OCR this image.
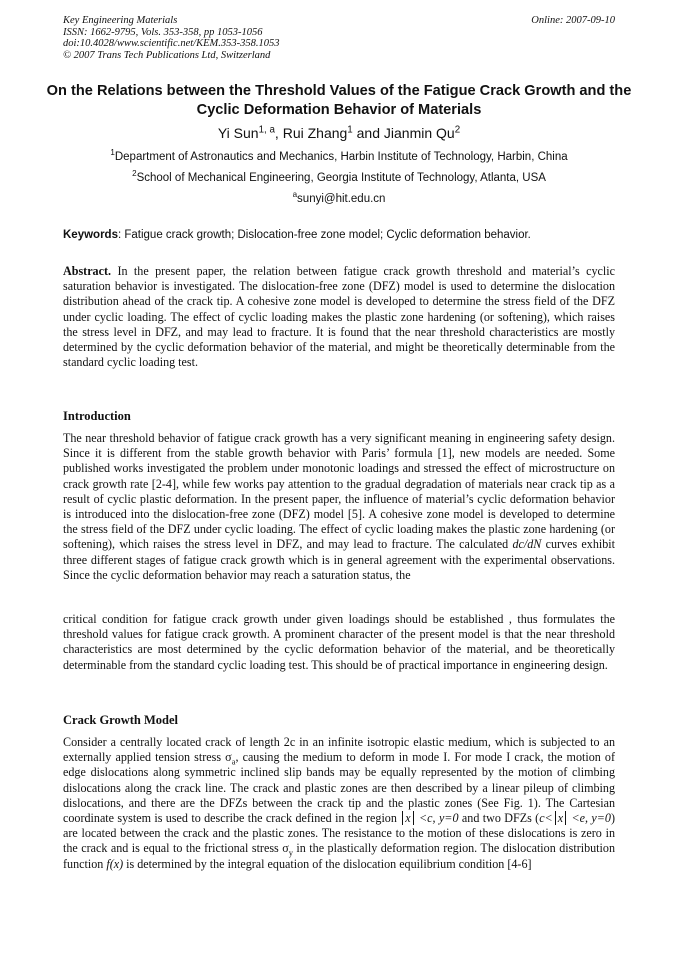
Key Engineering Materials
ISSN: 1662-9795, Vols. 353-358, pp 1053-1056
doi:10.4028/www.scientific.net/KEM.353-358.1053
© 2007 Trans Tech Publications Ltd, Switzerland
Online: 2007-09-10
On the Relations between the Threshold Values of the Fatigue Crack Growth and the Cyclic Deformation Behavior of Materials
Yi Sun$^{1, a}$, Rui Zhang$^1$ and Jianmin Qu$^2$
$^1$Department of Astronautics and Mechanics, Harbin Institute of Technology, Harbin, China
$^2$School of Mechanical Engineering, Georgia Institute of Technology, Atlanta, USA
$^a$sunyi@hit.edu.cn
Keywords: Fatigue crack growth; Dislocation-free zone model; Cyclic deformation behavior.
Abstract. In the present paper, the relation between fatigue crack growth threshold and material’s cyclic saturation behavior is investigated. The dislocation-free zone (DFZ) model is used to determine the dislocation distribution ahead of the crack tip. A cohesive zone model is developed to determine the stress field of the DFZ under cyclic loading. The effect of cyclic loading makes the plastic zone hardening (or softening), which raises the stress level in DFZ, and may lead to fracture. It is found that the near threshold characteristics are mostly determined by the cyclic deformation behavior of the material, and might be theoretically determinable from the standard cyclic loading test.
Introduction
The near threshold behavior of fatigue crack growth has a very significant meaning in engineering safety design. Since it is different from the stable growth behavior with Paris’ formula [1], new models are needed. Some published works investigated the problem under monotonic loadings and stressed the effect of microstructure on crack growth rate [2-4], while few works pay attention to the gradual degradation of materials near crack tip as a result of cyclic plastic deformation. In the present paper, the influence of material’s cyclic deformation behavior is introduced into the dislocation-free zone (DFZ) model [5]. A cohesive zone model is developed to determine the stress field of the DFZ under cyclic loading. The effect of cyclic loading makes the plastic zone hardening (or softening), which raises the stress level in DFZ, and may lead to fracture. The calculated dc/dN curves exhibit three different stages of fatigue crack growth which is in general agreement with the experimental observations. Since the cyclic deformation behavior may reach a saturation status, the
critical condition for fatigue crack growth under given loadings should be established , thus formulates the threshold values for fatigue crack growth. A prominent character of the present model is that the near threshold characteristics are most determined by the cyclic deformation behavior of the material, and be theoretically determinable from the standard cyclic loading test. This should be of practical importance in engineering design.
Crack Growth Model
Consider a centrally located crack of length 2c in an infinite isotropic elastic medium, which is subjected to an externally applied tension stress $\sigma_a$, causing the medium to deform in mode I. For mode I crack, the motion of edge dislocations along symmetric inclined slip bands may be equally represented by the motion of climbing dislocations along the crack line. The crack and plastic zones are then described by a linear pileup of climbing dislocations, and there are the DFZs between the crack tip and the plastic zones (See Fig. 1). The Cartesian coordinate system is used to describe the crack defined in the region x <c, y=0 and two DFZs (c< x <e, y=0) are located between the crack and the plastic zones. The resistance to the motion of these dislocations is zero in the crack and is equal to the frictional stress $\sigma_y$ in the plastically deformation region. The dislocation distribution function f(x) is determined by the integral equation of the dislocation equilibrium condition [4-6]
